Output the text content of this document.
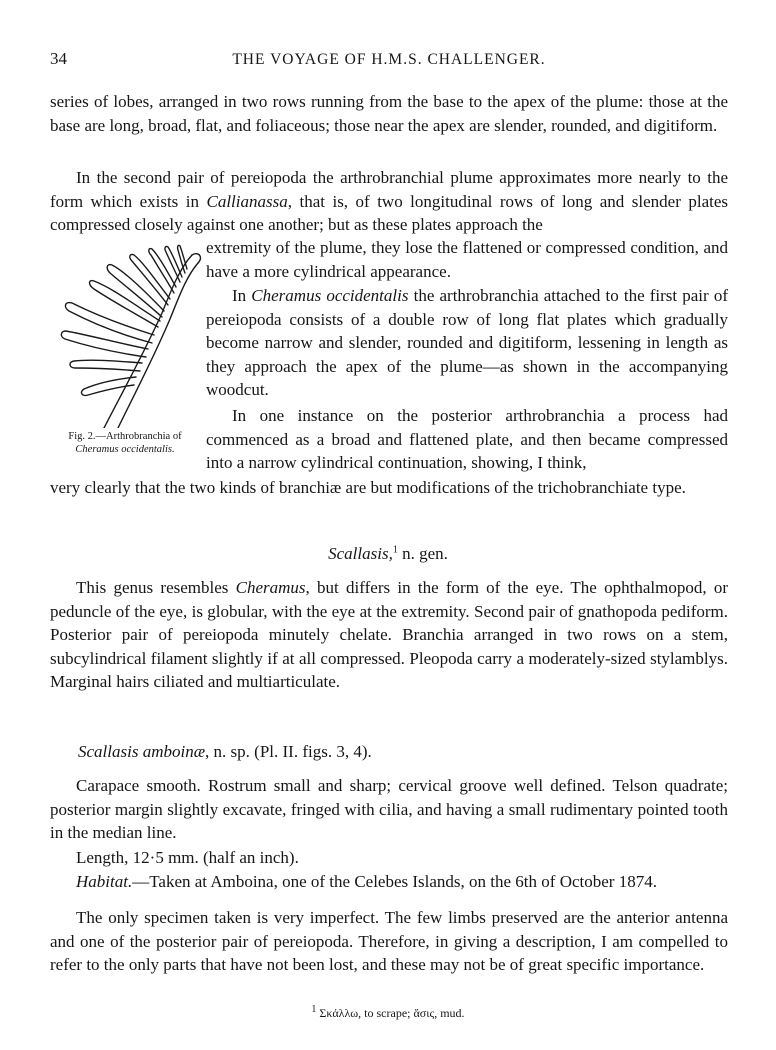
34	THE VOYAGE OF H.M.S. CHALLENGER.
series of lobes, arranged in two rows running from the base to the apex of the plume: those at the base are long, broad, flat, and foliaceous; those near the apex are slender, rounded, and digitiform.
In the second pair of pereiopoda the arthrobranchial plume approximates more nearly to the form which exists in Callianassa, that is, of two longitudinal rows of long and slender plates compressed closely against one another; but as these plates approach the
Fig. 2.—Arthrobranchia of
Cheramus occidentalis.
extremity of the plume, they lose the flattened or compressed condition, and have a more cylindrical appearance.
In Cheramus occidentalis the arthrobranchia attached to the first pair of pereiopoda consists of a double row of long flat plates which gradually become narrow and slender, rounded and digitiform, lessening in length as they approach the apex of the plume—as shown in the accompanying woodcut.
In one instance on the posterior arthrobranchia a process had commenced as a broad and flattened plate, and then became compressed into a narrow cylindrical continuation, showing, I think,
very clearly that the two kinds of branchiæ are but modifications of the trichobranchiate type.
Scallasis,$^1$ n. gen.
This genus resembles Cheramus, but differs in the form of the eye. The ophthalmopod, or peduncle of the eye, is globular, with the eye at the extremity. Second pair of gnathopoda pediform. Posterior pair of pereiopoda minutely chelate. Branchia arranged in two rows on a stem, subcylindrical filament slightly if at all compressed. Pleopoda carry a moderately-sized stylamblys. Marginal hairs ciliated and multiarticulate.
Scallasis amboinæ, n. sp. (Pl. II. figs. 3, 4).
Carapace smooth. Rostrum small and sharp; cervical groove well defined. Telson quadrate; posterior margin slightly excavate, fringed with cilia, and having a small rudimentary pointed tooth in the median line.
Length, 12·5 mm. (half an inch).
Habitat.—Taken at Amboina, one of the Celebes Islands, on the 6th of October 1874.
The only specimen taken is very imperfect. The few limbs preserved are the anterior antenna and one of the posterior pair of pereiopoda. Therefore, in giving a description, I am compelled to refer to the only parts that have not been lost, and these may not be of great specific importance.
$^1$ Σκάλλω, to scrape; ἄσις, mud.
